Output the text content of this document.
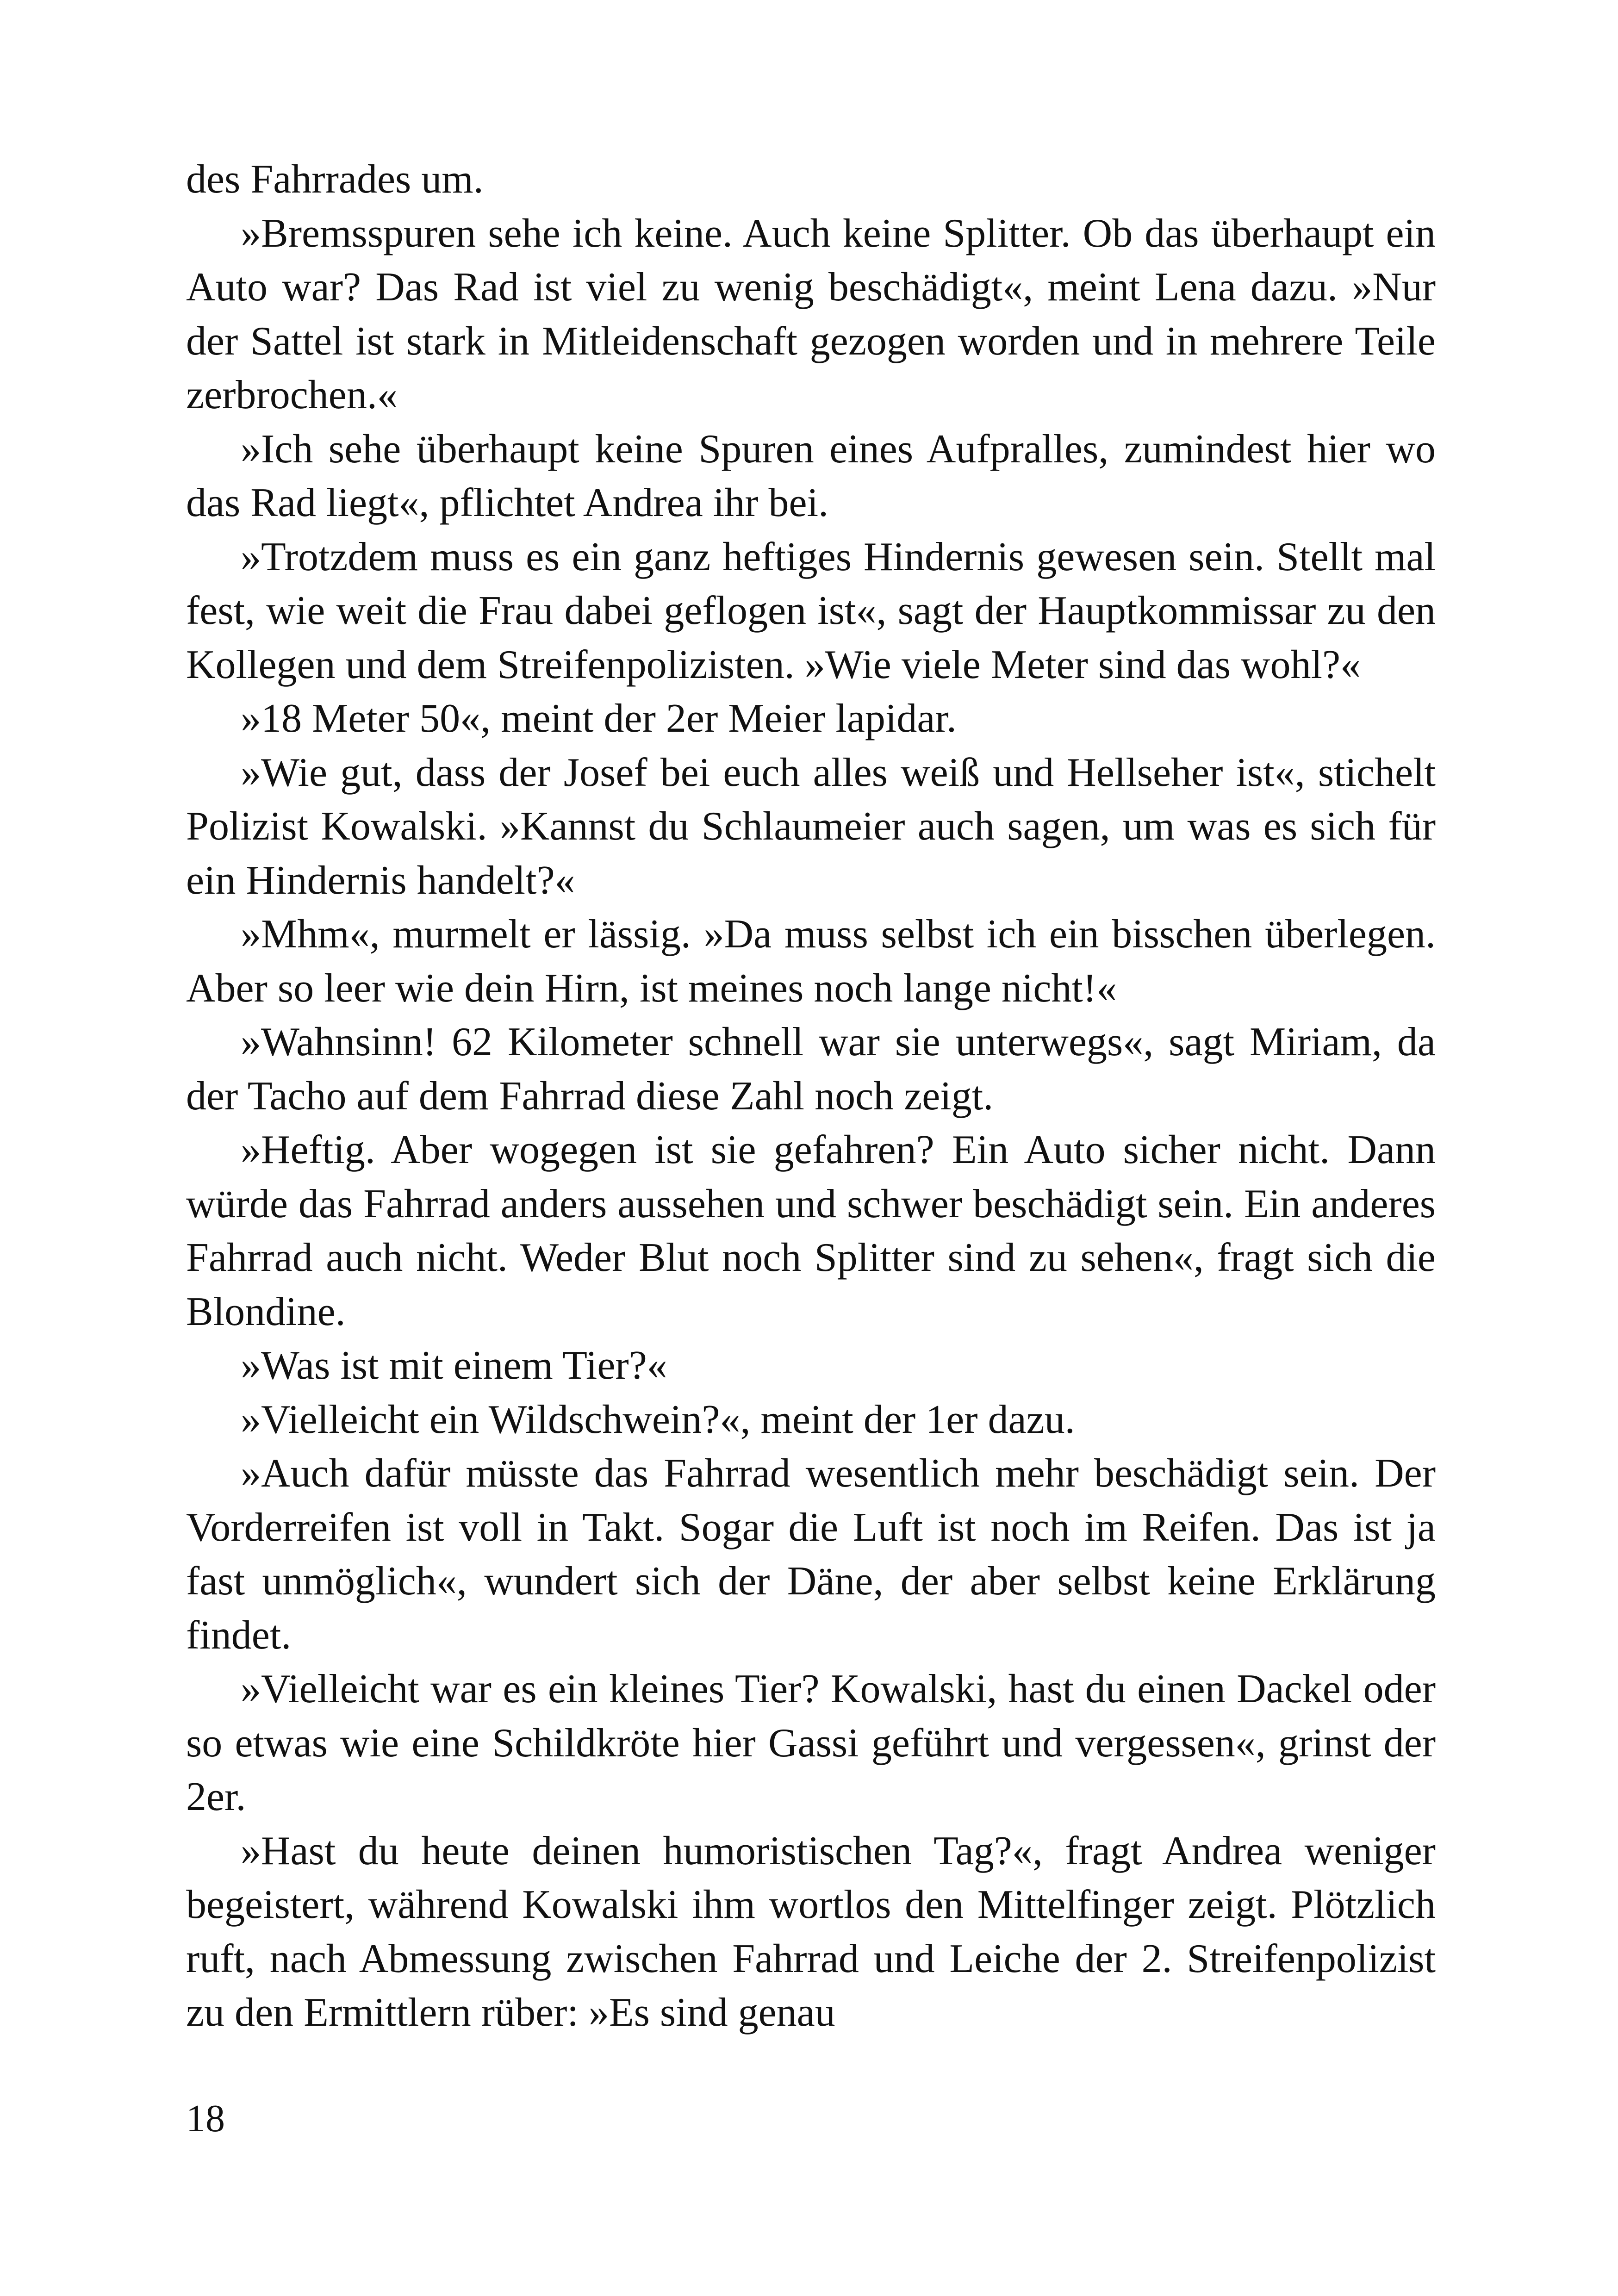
des Fahrrades um.

»Bremsspuren sehe ich keine. Auch keine Splitter. Ob das überhaupt ein Auto war? Das Rad ist viel zu wenig beschädigt«, meint Lena dazu. »Nur der Sattel ist stark in Mitleidenschaft gezogen worden und in mehrere Teile zerbrochen.«

»Ich sehe überhaupt keine Spuren eines Aufpralles, zumindest hier wo das Rad liegt«, pflichtet Andrea ihr bei.

»Trotzdem muss es ein ganz heftiges Hindernis gewesen sein. Stellt mal fest, wie weit die Frau dabei geflogen ist«, sagt der Hauptkommissar zu den Kollegen und dem Streifenpolizisten. »Wie viele Meter sind das wohl?«

»18 Meter 50«, meint der 2er Meier lapidar.

»Wie gut, dass der Josef bei euch alles weiß und Hellseher ist«, stichelt Polizist Kowalski. »Kannst du Schlaumeier auch sagen, um was es sich für ein Hindernis handelt?«

»Mhm«, murmelt er lässig. »Da muss selbst ich ein bisschen überlegen. Aber so leer wie dein Hirn, ist meines noch lange nicht!«

»Wahnsinn! 62 Kilometer schnell war sie unterwegs«, sagt Miriam, da der Tacho auf dem Fahrrad diese Zahl noch zeigt.

»Heftig. Aber wogegen ist sie gefahren? Ein Auto sicher nicht. Dann würde das Fahrrad anders aussehen und schwer beschädigt sein. Ein anderes Fahrrad auch nicht. Weder Blut noch Splitter sind zu sehen«, fragt sich die Blondine.

»Was ist mit einem Tier?«

»Vielleicht ein Wildschwein?«, meint der 1er dazu.

»Auch dafür müsste das Fahrrad wesentlich mehr beschädigt sein. Der Vorderreifen ist voll in Takt. Sogar die Luft ist noch im Reifen. Das ist ja fast unmöglich«, wundert sich der Däne, der aber selbst keine Erklärung findet.

»Vielleicht war es ein kleines Tier? Kowalski, hast du einen Dackel oder so etwas wie eine Schildkröte hier Gassi geführt und vergessen«, grinst der 2er.

»Hast du heute deinen humoristischen Tag?«, fragt Andrea weniger begeistert, während Kowalski ihm wortlos den Mittelfinger zeigt. Plötzlich ruft, nach Abmessung zwischen Fahrrad und Leiche der 2. Streifenpolizist zu den Ermittlern rüber: »Es sind genau

18
